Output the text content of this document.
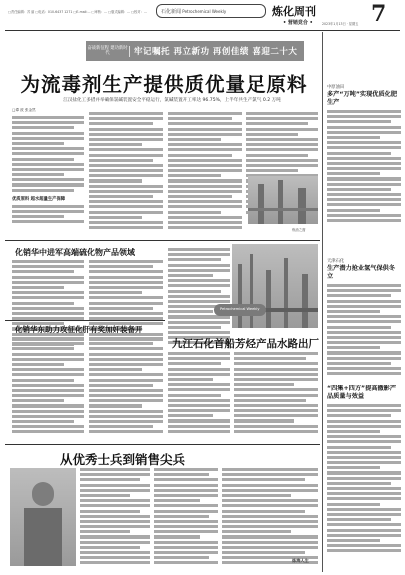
□责任编辑：苏 丽 □电话：010-6437 1271 □E-mail:... □审核：... □版式编辑：... □校对：...	石化新闻 Petrochemical Weekly	炼化周刊	7
• 营销竞合 •	2023年1月13日 · 星期五
奋战新征程 建功新时代	牢记嘱托 再立新功 再创佳绩 喜迎二十大
为流毒剂生产提供质优量足原料
江汉盐化工多措并举确保氯碱装置安全平稳运行，氯碱装置开工率达 96.75%，上半年共生产氯气 0.2 万吨
□谭 波 张金然
优质原料 超水超量生产保障
中原油田
多产“万吨”实现优质化肥生产
炼油之窗
化销华中进军高端硫化物产品领域
化销华东助力攻征化肝有奖加奸装备开
九江石化首船芳烃产品水路出厂
Petrochemical Weekly
天津石化
生产潜力抢业氢气保供冬立
“四集+四方”提高撤影产品质量与效益
从优秀士兵到销售尖兵
炼海人生
